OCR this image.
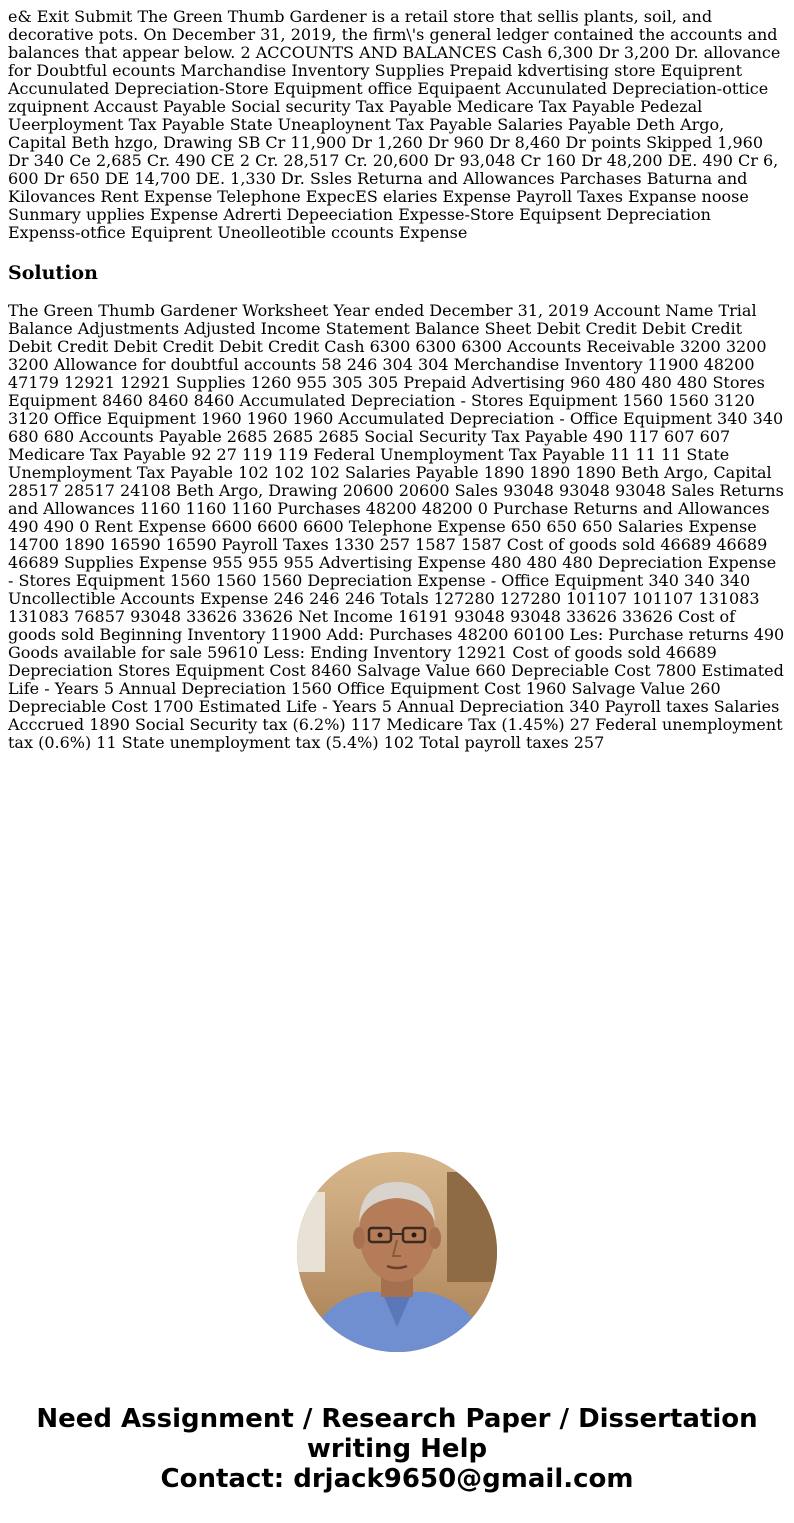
e& Exit Submit The Green Thumb Gardener is a retail store that sellis plants, soil, and decorative pots. On December 31, 2019, the firm\'s general ledger contained the accounts and balances that appear below. 2 ACCOUNTS AND BALANCES Cash 6,300 Dr 3,200 Dr. allovance for Doubtful ecounts Marchandise Inventory Supplies Prepaid kdvertising store Equiprent Accunulated Depreciation-Store Equipment office Equipaent Accunulated Depreciation-ottice zquipnent Accaust Payable Social security Tax Payable Medicare Tax Payable Pedezal Ueerployment Tax Payable State Uneaploynent Tax Payable Salaries Payable Deth Argo, Capital Beth hzgo, Drawing SB Cr 11,900 Dr 1,260 Dr 960 Dr 8,460 Dr points Skipped 1,960 Dr 340 Ce 2,685 Cr. 490 CE 2 Cr. 28,517 Cr. 20,600 Dr 93,048 Cr 160 Dr 48,200 DE. 490 Cr 6, 600 Dr 650 DE 14,700 DE. 1,330 Dr. Ssles Returna and Allowances Parchases Baturna and Kilovances Rent Expense Telephone ExpecES elaries Expense Payroll Taxes Expanse noose Sunmary upplies Expense Adrerti Depeeciation Expesse-Store Equipsent Depreciation Expenss-otfice Equiprent Uneolleotible ccounts Expense
Solution
The Green Thumb Gardener Worksheet Year ended December 31, 2019 Account Name Trial Balance Adjustments Adjusted Income Statement Balance Sheet Debit Credit Debit Credit Debit Credit Debit Credit Debit Credit Cash 6300 6300 6300 Accounts Receivable 3200 3200 3200 Allowance for doubtful accounts 58 246 304 304 Merchandise Inventory 11900 48200 47179 12921 12921 Supplies 1260 955 305 305 Prepaid Advertising 960 480 480 480 Stores Equipment 8460 8460 8460 Accumulated Depreciation - Stores Equipment 1560 1560 3120 3120 Office Equipment 1960 1960 1960 Accumulated Depreciation - Office Equipment 340 340 680 680 Accounts Payable 2685 2685 2685 Social Security Tax Payable 490 117 607 607 Medicare Tax Payable 92 27 119 119 Federal Unemployment Tax Payable 11 11 11 State Unemployment Tax Payable 102 102 102 Salaries Payable 1890 1890 1890 Beth Argo, Capital 28517 28517 24108 Beth Argo, Drawing 20600 20600 Sales 93048 93048 93048 Sales Returns and Allowances 1160 1160 1160 Purchases 48200 48200 0 Purchase Returns and Allowances 490 490 0 Rent Expense 6600 6600 6600 Telephone Expense 650 650 650 Salaries Expense 14700 1890 16590 16590 Payroll Taxes 1330 257 1587 1587 Cost of goods sold 46689 46689 46689 Supplies Expense 955 955 955 Advertising Expense 480 480 480 Depreciation Expense - Stores Equipment 1560 1560 1560 Depreciation Expense - Office Equipment 340 340 340 Uncollectible Accounts Expense 246 246 246 Totals 127280 127280 101107 101107 131083 131083 76857 93048 33626 33626 Net Income 16191 93048 93048 33626 33626 Cost of goods sold Beginning Inventory 11900 Add: Purchases 48200 60100 Les: Purchase returns 490 Goods available for sale 59610 Less: Ending Inventory 12921 Cost of goods sold 46689 Depreciation Stores Equipment Cost 8460 Salvage Value 660 Depreciable Cost 7800 Estimated Life - Years 5 Annual Depreciation 1560 Office Equipment Cost 1960 Salvage Value 260 Depreciable Cost 1700 Estimated Life - Years 5 Annual Depreciation 340 Payroll taxes Salaries Acccrued 1890 Social Security tax (6.2%) 117 Medicare Tax (1.45%) 27 Federal unemployment tax (0.6%) 11 State unemployment tax (5.4%) 102 Total payroll taxes 257
Need Assignment / Research Paper / Dissertation
writing Help
Contact: drjack9650@gmail.com
